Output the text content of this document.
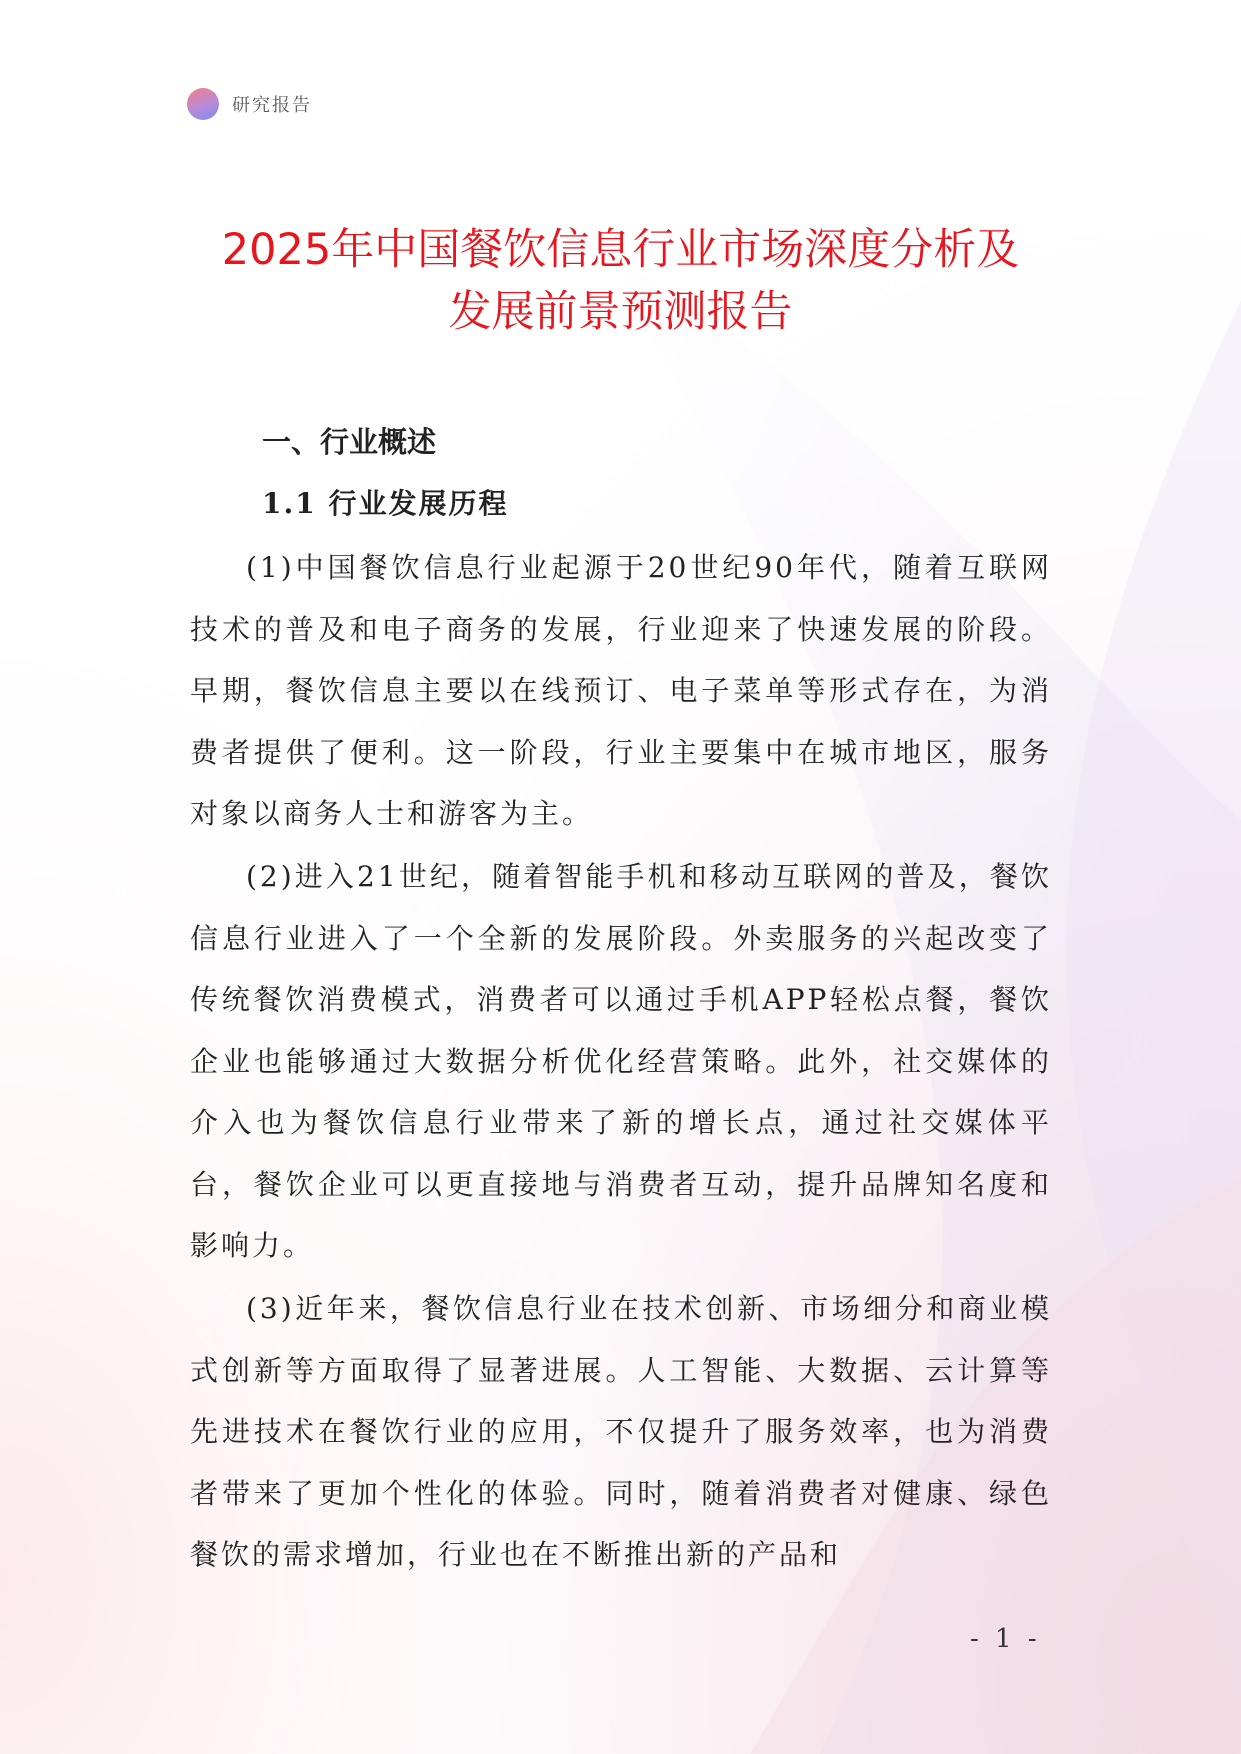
研究报告
2025年中国餐饮信息行业市场深度分析及
发展前景预测报告
一、行业概述
1.1 行业发展历程

(1)中国餐饮信息行业起源于20世纪90年代，随着互联网技术的普及和电子商务的发展，行业迎来了快速发展的阶段。早期，餐饮信息主要以在线预订、电子菜单等形式存在，为消费者提供了便利。这一阶段，行业主要集中在城市地区，服务对象以商务人士和游客为主。

(2)进入21世纪，随着智能手机和移动互联网的普及，餐饮信息行业进入了一个全新的发展阶段。外卖服务的兴起改变了传统餐饮消费模式，消费者可以通过手机APP轻松点餐，餐饮企业也能够通过大数据分析优化经营策略。此外，社交媒体的介入也为餐饮信息行业带来了新的增长点，通过社交媒体平台，餐饮企业可以更直接地与消费者互动，提升品牌知名度和影响力。

(3)近年来，餐饮信息行业在技术创新、市场细分和商业模式创新等方面取得了显著进展。人工智能、大数据、云计算等先进技术在餐饮行业的应用，不仅提升了服务效率，也为消费者带来了更加个性化的体验。同时，随着消费者对健康、绿色餐饮的需求增加，行业也在不断推出新的产品和

- 1 -
